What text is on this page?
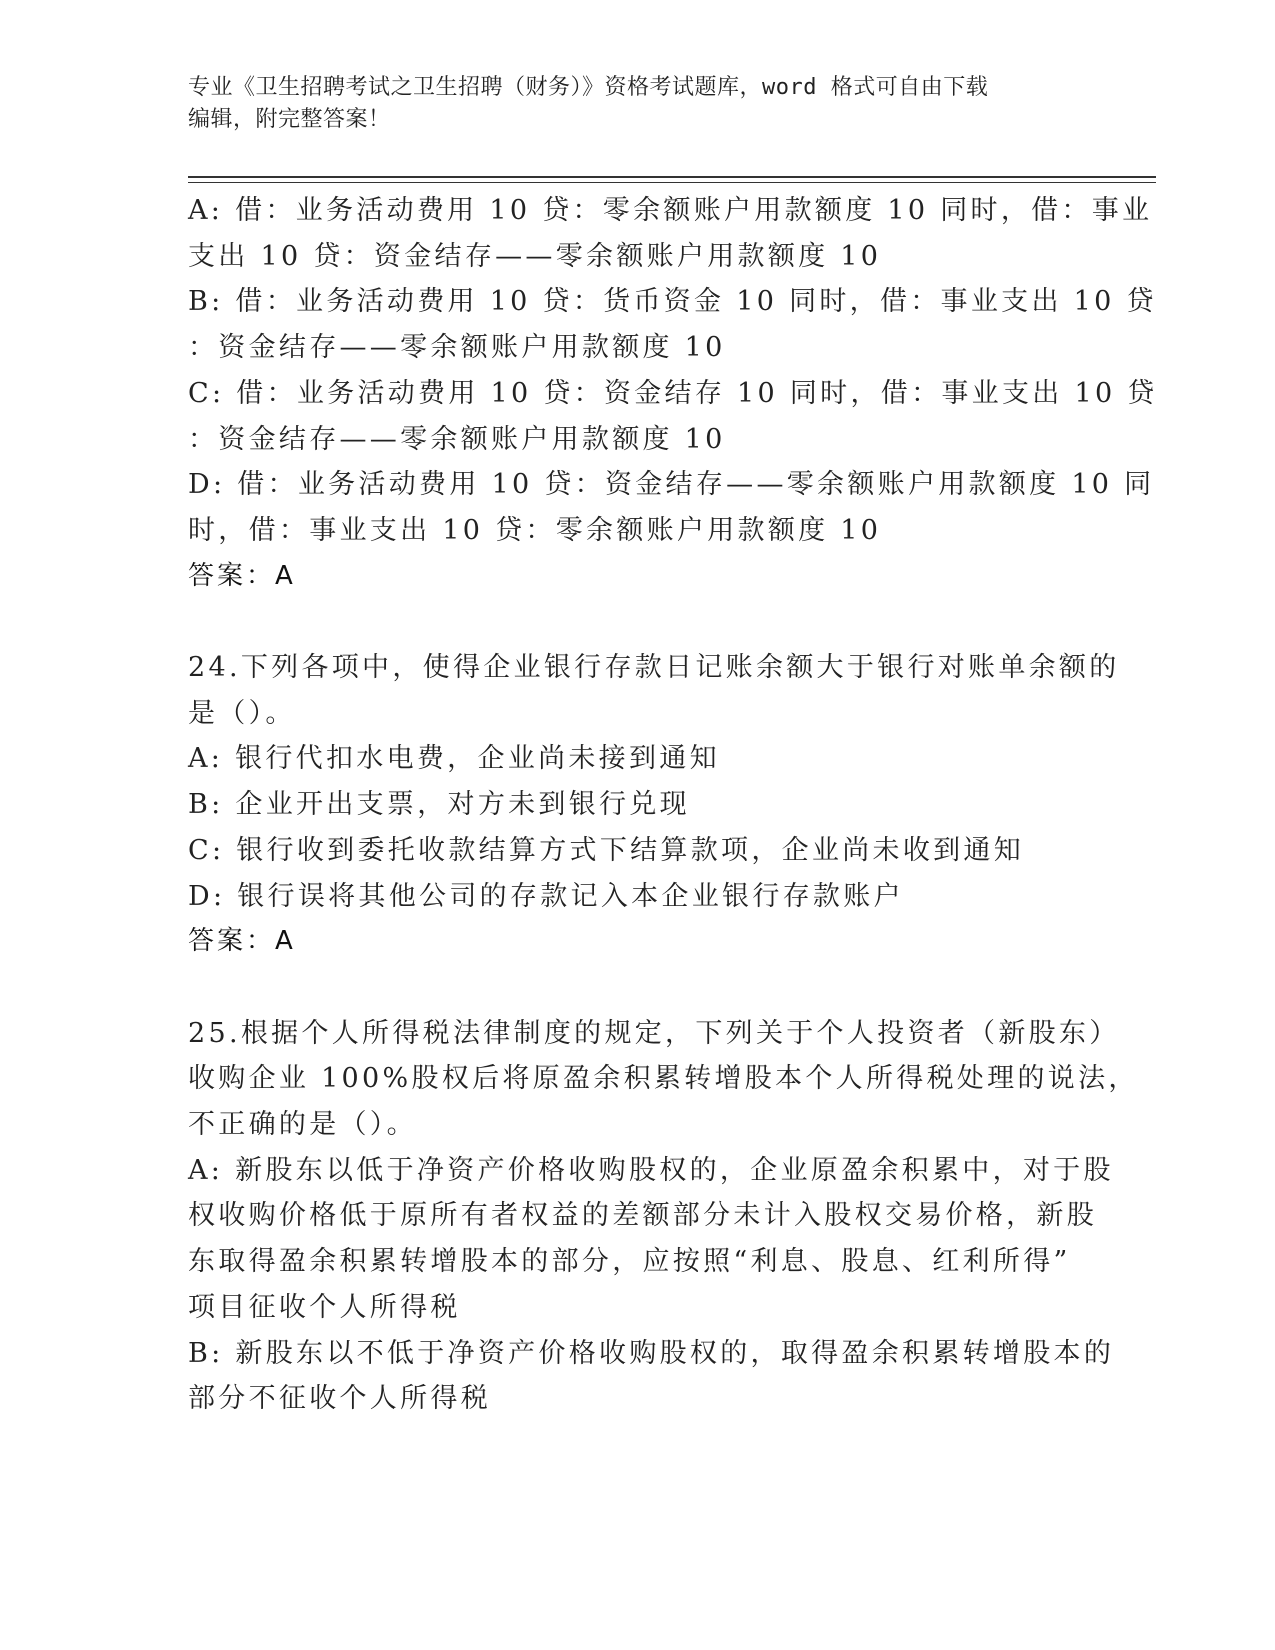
专业《卫生招聘考试之卫生招聘（财务）》资格考试题库，word 格式可自由下载
编辑，附完整答案！
A: 借：业务活动费用 10 贷：零余额账户用款额度 10 同时，借：事业
支出 10 贷：资金结存——零余额账户用款额度 10
B: 借：业务活动费用 10 贷：货币资金 10 同时，借：事业支出 10 贷
：资金结存——零余额账户用款额度 10
C: 借：业务活动费用 10 贷：资金结存 10 同时，借：事业支出 10 贷
：资金结存——零余额账户用款额度 10
D: 借：业务活动费用 10 贷：资金结存——零余额账户用款额度 10 同
时，借：事业支出 10 贷：零余额账户用款额度 10
答案：A
24.下列各项中，使得企业银行存款日记账余额大于银行对账单余额的
是（）。
A: 银行代扣水电费，企业尚未接到通知
B: 企业开出支票，对方未到银行兑现
C: 银行收到委托收款结算方式下结算款项，企业尚未收到通知
D: 银行误将其他公司的存款记入本企业银行存款账户
答案：A
25.根据个人所得税法律制度的规定，下列关于个人投资者（新股东）
收购企业 100%股权后将原盈余积累转增股本个人所得税处理的说法，
不正确的是（）。
A: 新股东以低于净资产价格收购股权的，企业原盈余积累中，对于股
权收购价格低于原所有者权益的差额部分未计入股权交易价格，新股
东取得盈余积累转增股本的部分，应按照“利息、股息、红利所得”
项目征收个人所得税
B: 新股东以不低于净资产价格收购股权的，取得盈余积累转增股本的
部分不征收个人所得税
